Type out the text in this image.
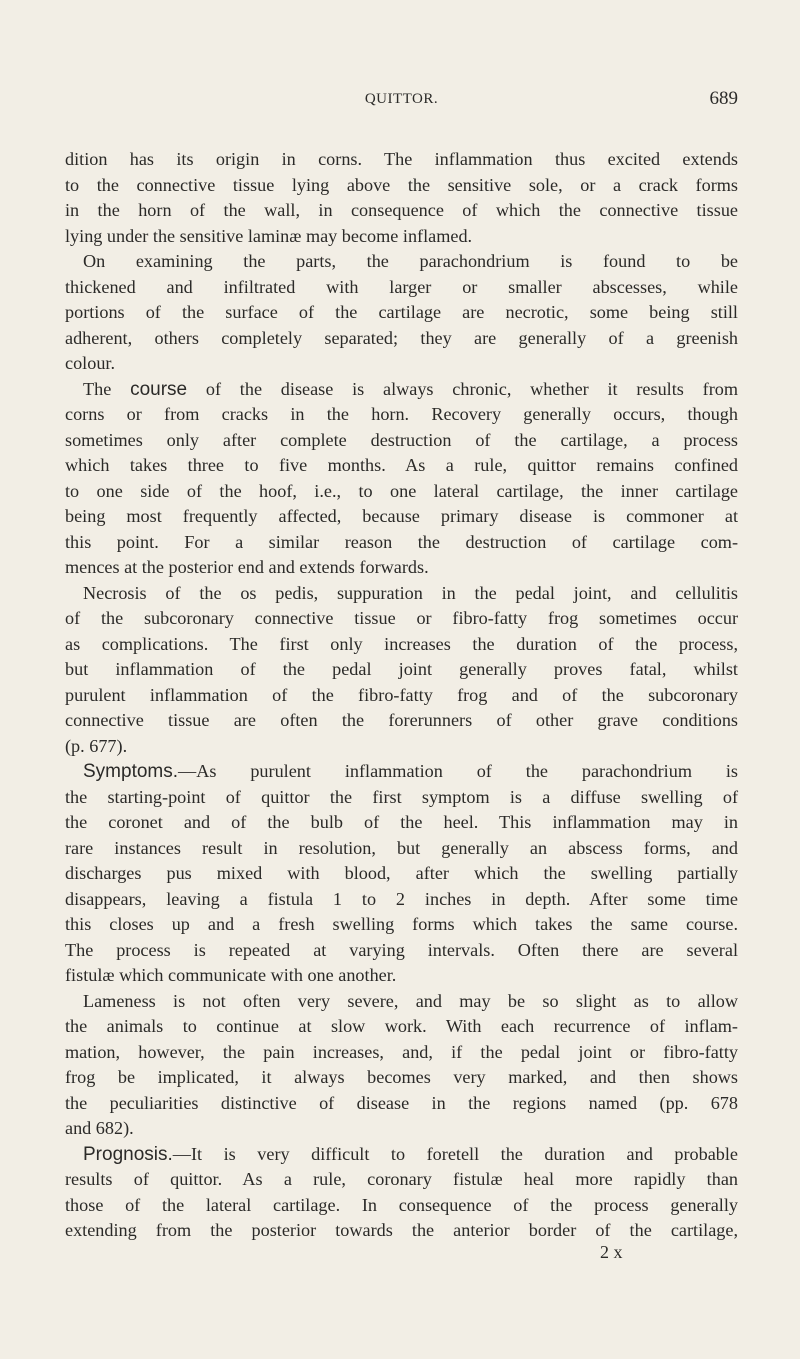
QUITTOR.	689
dition has its origin in corns. The inflammation thus excited extends
to the connective tissue lying above the sensitive sole, or a crack forms
in the horn of the wall, in consequence of which the connective tissue
lying under the sensitive laminæ may become inflamed.
On examining the parts, the parachondrium is found to be
thickened and infiltrated with larger or smaller abscesses, while
portions of the surface of the cartilage are necrotic, some being still
adherent, others completely separated; they are generally of a greenish
colour.
The course of the disease is always chronic, whether it results from
corns or from cracks in the horn. Recovery generally occurs, though
sometimes only after complete destruction of the cartilage, a process
which takes three to five months. As a rule, quittor remains confined
to one side of the hoof, i.e., to one lateral cartilage, the inner cartilage
being most frequently affected, because primary disease is commoner at
this point. For a similar reason the destruction of cartilage com-
mences at the posterior end and extends forwards.
Necrosis of the os pedis, suppuration in the pedal joint, and cellulitis
of the subcoronary connective tissue or fibro-fatty frog sometimes occur
as complications. The first only increases the duration of the process,
but inflammation of the pedal joint generally proves fatal, whilst
purulent inflammation of the fibro-fatty frog and of the subcoronary
connective tissue are often the forerunners of other grave conditions
(p. 677).
Symptoms.—As purulent inflammation of the parachondrium is
the starting-point of quittor the first symptom is a diffuse swelling of
the coronet and of the bulb of the heel. This inflammation may in
rare instances result in resolution, but generally an abscess forms, and
discharges pus mixed with blood, after which the swelling partially
disappears, leaving a fistula 1 to 2 inches in depth. After some time
this closes up and a fresh swelling forms which takes the same course.
The process is repeated at varying intervals. Often there are several
fistulæ which communicate with one another.
Lameness is not often very severe, and may be so slight as to allow
the animals to continue at slow work. With each recurrence of inflam-
mation, however, the pain increases, and, if the pedal joint or fibro-fatty
frog be implicated, it always becomes very marked, and then shows
the peculiarities distinctive of disease in the regions named (pp. 678
and 682).
Prognosis.—It is very difficult to foretell the duration and probable
results of quittor. As a rule, coronary fistulæ heal more rapidly than
those of the lateral cartilage. In consequence of the process generally
extending from the posterior towards the anterior border of the cartilage,
2 x
